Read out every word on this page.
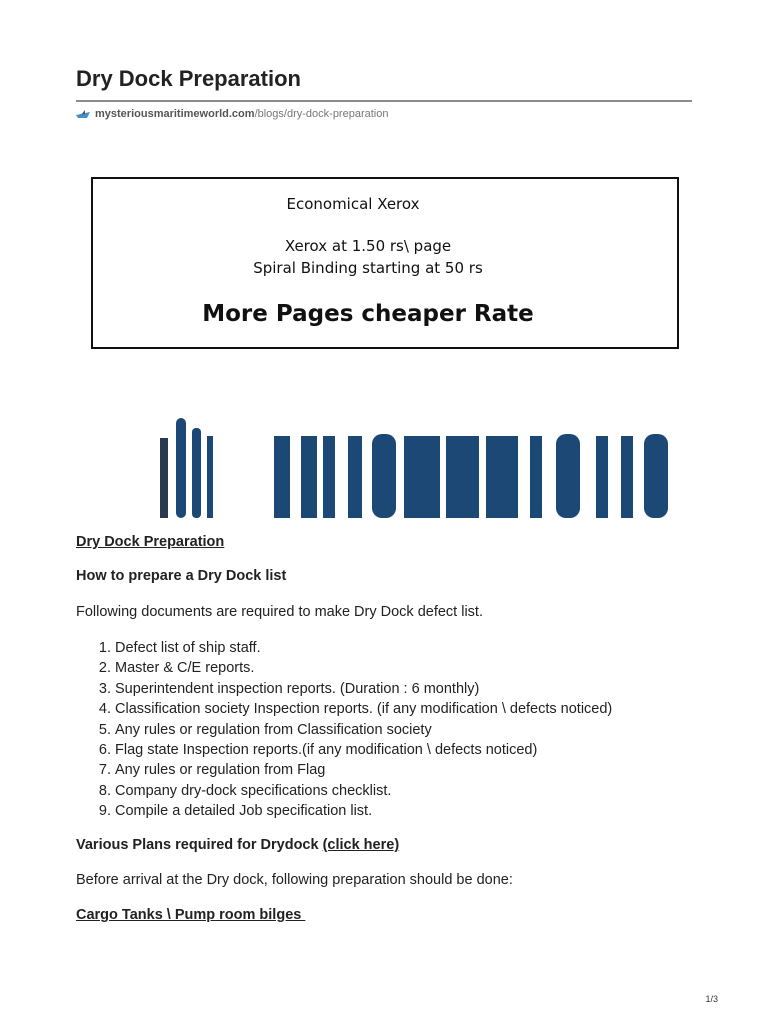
Dry Dock Preparation
mysteriousmaritimeworld.com/blogs/dry-dock-preparation
Economical Xerox
Xerox at 1.50 rs\ page
Spiral Binding starting at 50 rs
More Pages cheaper Rate
Dry Dock Preparation
How to prepare a Dry Dock list
Following documents are required to make Dry Dock defect list.
1. Defect list of ship staff.
2. Master & C/E reports.
3. Superintendent inspection reports. (Duration : 6 monthly)
4. Classification society Inspection reports. (if any modification \ defects noticed)
5. Any rules or regulation from Classification society
6. Flag state Inspection reports.(if any modification \ defects noticed)
7. Any rules or regulation from Flag
8. Company dry-dock specifications checklist.
9. Compile a detailed Job specification list.
Various Plans required for Drydock (click here)
Before arrival at the Dry dock, following preparation should be done:
Cargo Tanks \ Pump room bilges
1/3
